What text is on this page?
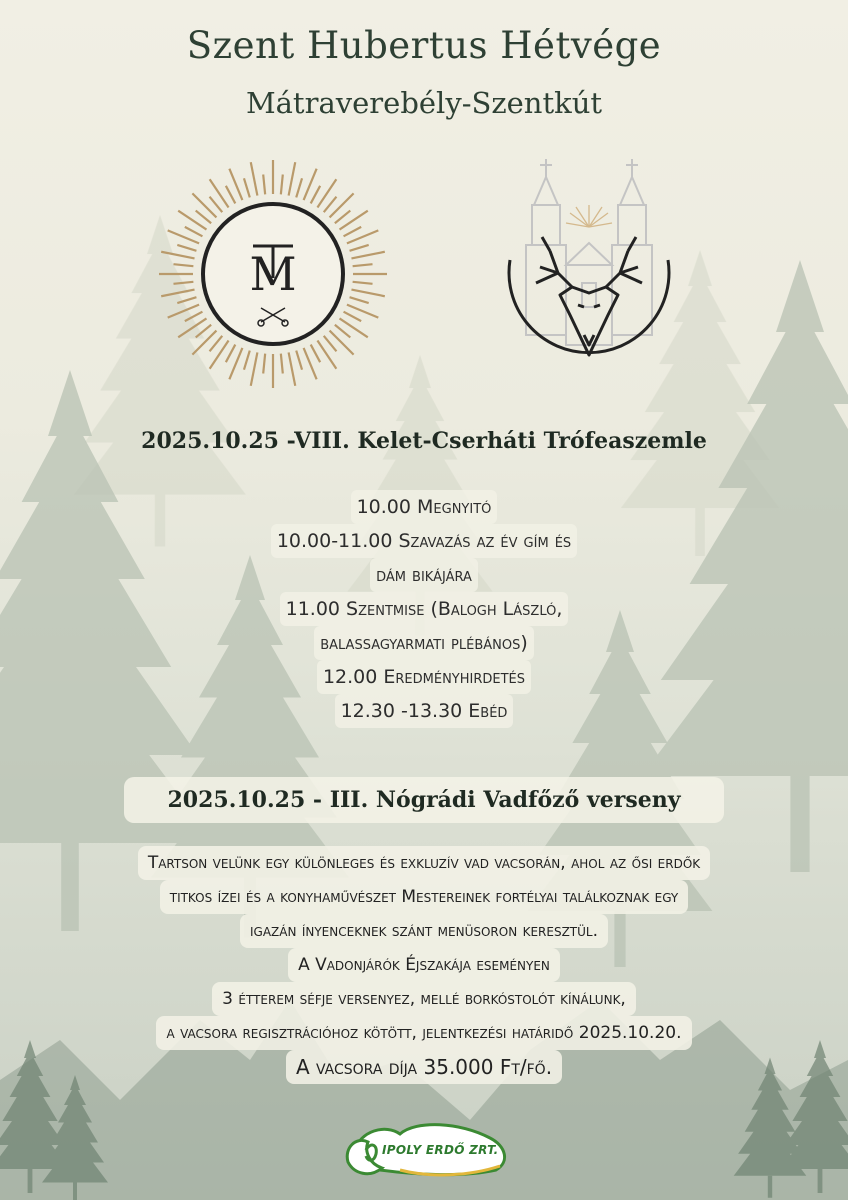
Szent Hubertus Hétvége
Mátraverebély-Szentkút
M
2025.10.25 -VIII. Kelet-Cserháti Trófeaszemle
10.00 Megnyitó
10.00-11.00 Szavazás az év gím és
dám bikájára
11.00 Szentmise (Balogh László,
balassagyarmati plébános)
12.00 Eredményhirdetés
12.30 -13.30 Ebéd
2025.10.25 - III. Nógrádi Vadfőző verseny
Tartson velünk egy különleges és exkluzív vad vacsorán, ahol az ősi erdők
titkos ízei és a konyhaművészet Mestereinek fortélyai találkoznak egy
igazán ínyenceknek szánt menüsoron keresztül.
A Vadonjárók Éjszakája eseményen
3 étterem séfje versenyez, mellé borkóstolót kínálunk,
a vacsora regisztrációhoz kötött, jelentkezési határidő 2025.10.20.
A vacsora díja 35.000 Ft/fő.
IPOLY ERDŐ ZRT.
